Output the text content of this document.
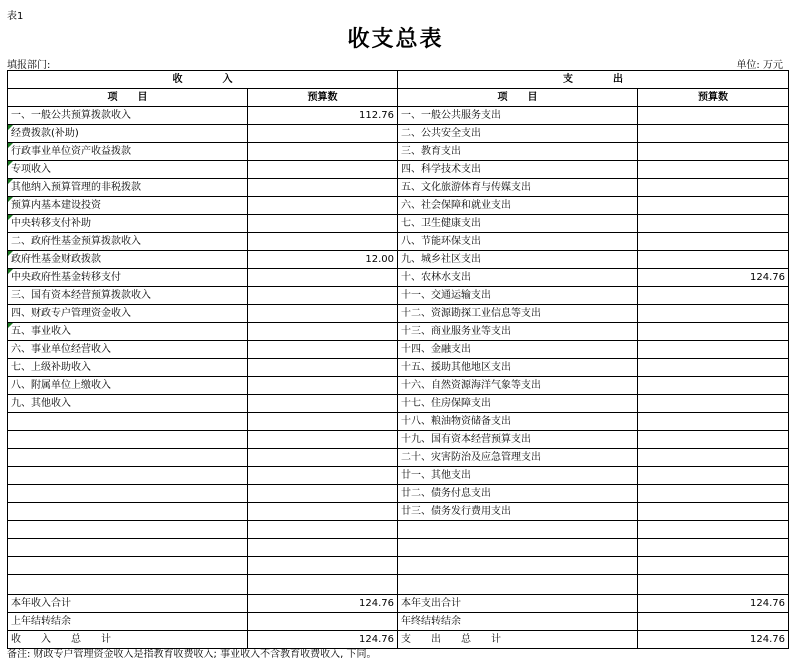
表1
收支总表
填报部门:	单位: 万元
收　　　　入		支　　　　出	
项　　目	预算数	项　　目	预算数
一、一般公共预算拨款收入	112.76	一、一般公共服务支出	
经费拨款(补助)		二、公共安全支出	
行政事业单位资产收益拨款		三、教育支出	
专项收入		四、科学技术支出	
其他纳入预算管理的非税拨款		五、文化旅游体育与传媒支出	
预算内基本建设投资		六、社会保障和就业支出	
中央转移支付补助		七、卫生健康支出	
二、政府性基金预算拨款收入		八、节能环保支出	
政府性基金财政拨款	12.00	九、城乡社区支出	
中央政府性基金转移支付		十、农林水支出	124.76
三、国有资本经营预算拨款收入		十一、交通运输支出	
四、财政专户管理资金收入		十二、资源勘探工业信息等支出	
五、事业收入		十三、商业服务业等支出	
六、事业单位经营收入		十四、金融支出	
七、上级补助收入		十五、援助其他地区支出	
八、附属单位上缴收入		十六、自然资源海洋气象等支出	
九、其他收入		十七、住房保障支出	
		十八、粮油物资储备支出	
		十九、国有资本经营预算支出	
		二十、灾害防治及应急管理支出	
		廿一、其他支出	
		廿二、债务付息支出	
		廿三、债务发行费用支出	

本年收入合计	124.76	本年支出合计	124.76
上年结转结余		年终结转结余	
收　　入　　总　　计	124.76	支　　出　　总　　计	124.76
备注: 财政专户管理资金收入是指教育收费收入; 事业收入不含教育收费收入, 下同。
